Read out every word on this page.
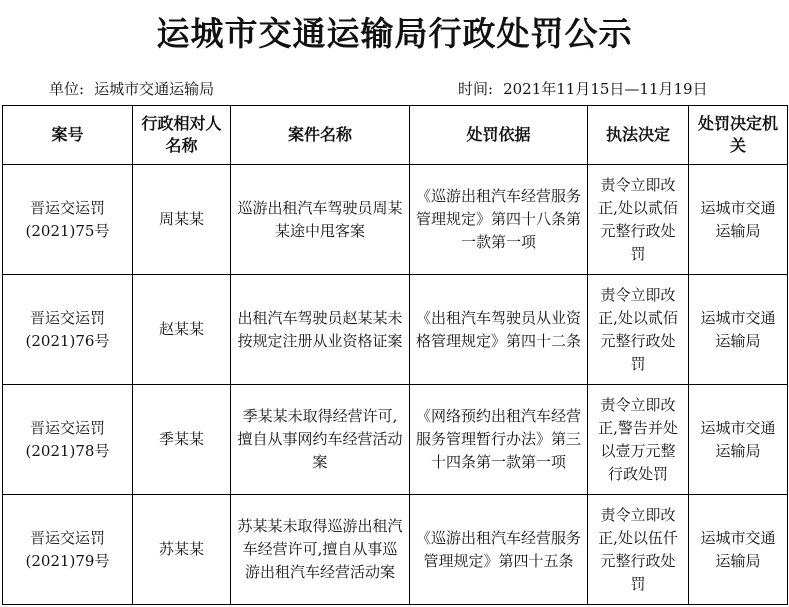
运城市交通运输局行政处罚公示
单位: 运城市交通运输局	时间: 2021年11月15日—11月19日
案号	行政相对人名称	案件名称	处罚依据	执法决定	处罚决定机关
晋运交运罚(2021)75号	周某某	巡游出租汽车驾驶员周某某途中甩客案	《巡游出租汽车经营服务管理规定》第四十八条第一款第一项	责令立即改正,处以贰佰元整行政处罚	运城市交通运输局
晋运交运罚(2021)76号	赵某某	出租汽车驾驶员赵某某未按规定注册从业资格证案	《出租汽车驾驶员从业资格管理规定》第四十二条	责令立即改正,处以贰佰元整行政处罚	运城市交通运输局
晋运交运罚(2021)78号	季某某	季某某未取得经营许可,擅自从事网约车经营活动案	《网络预约出租汽车经营服务管理暂行办法》第三十四条第一款第一项	责令立即改正,警告并处以壹万元整行政处罚	运城市交通运输局
晋运交运罚(2021)79号	苏某某	苏某某未取得巡游出租汽车经营许可,擅自从事巡游出租汽车经营活动案	《巡游出租汽车经营服务管理规定》第四十五条	责令立即改正,处以伍仟元整行政处罚	运城市交通运输局
